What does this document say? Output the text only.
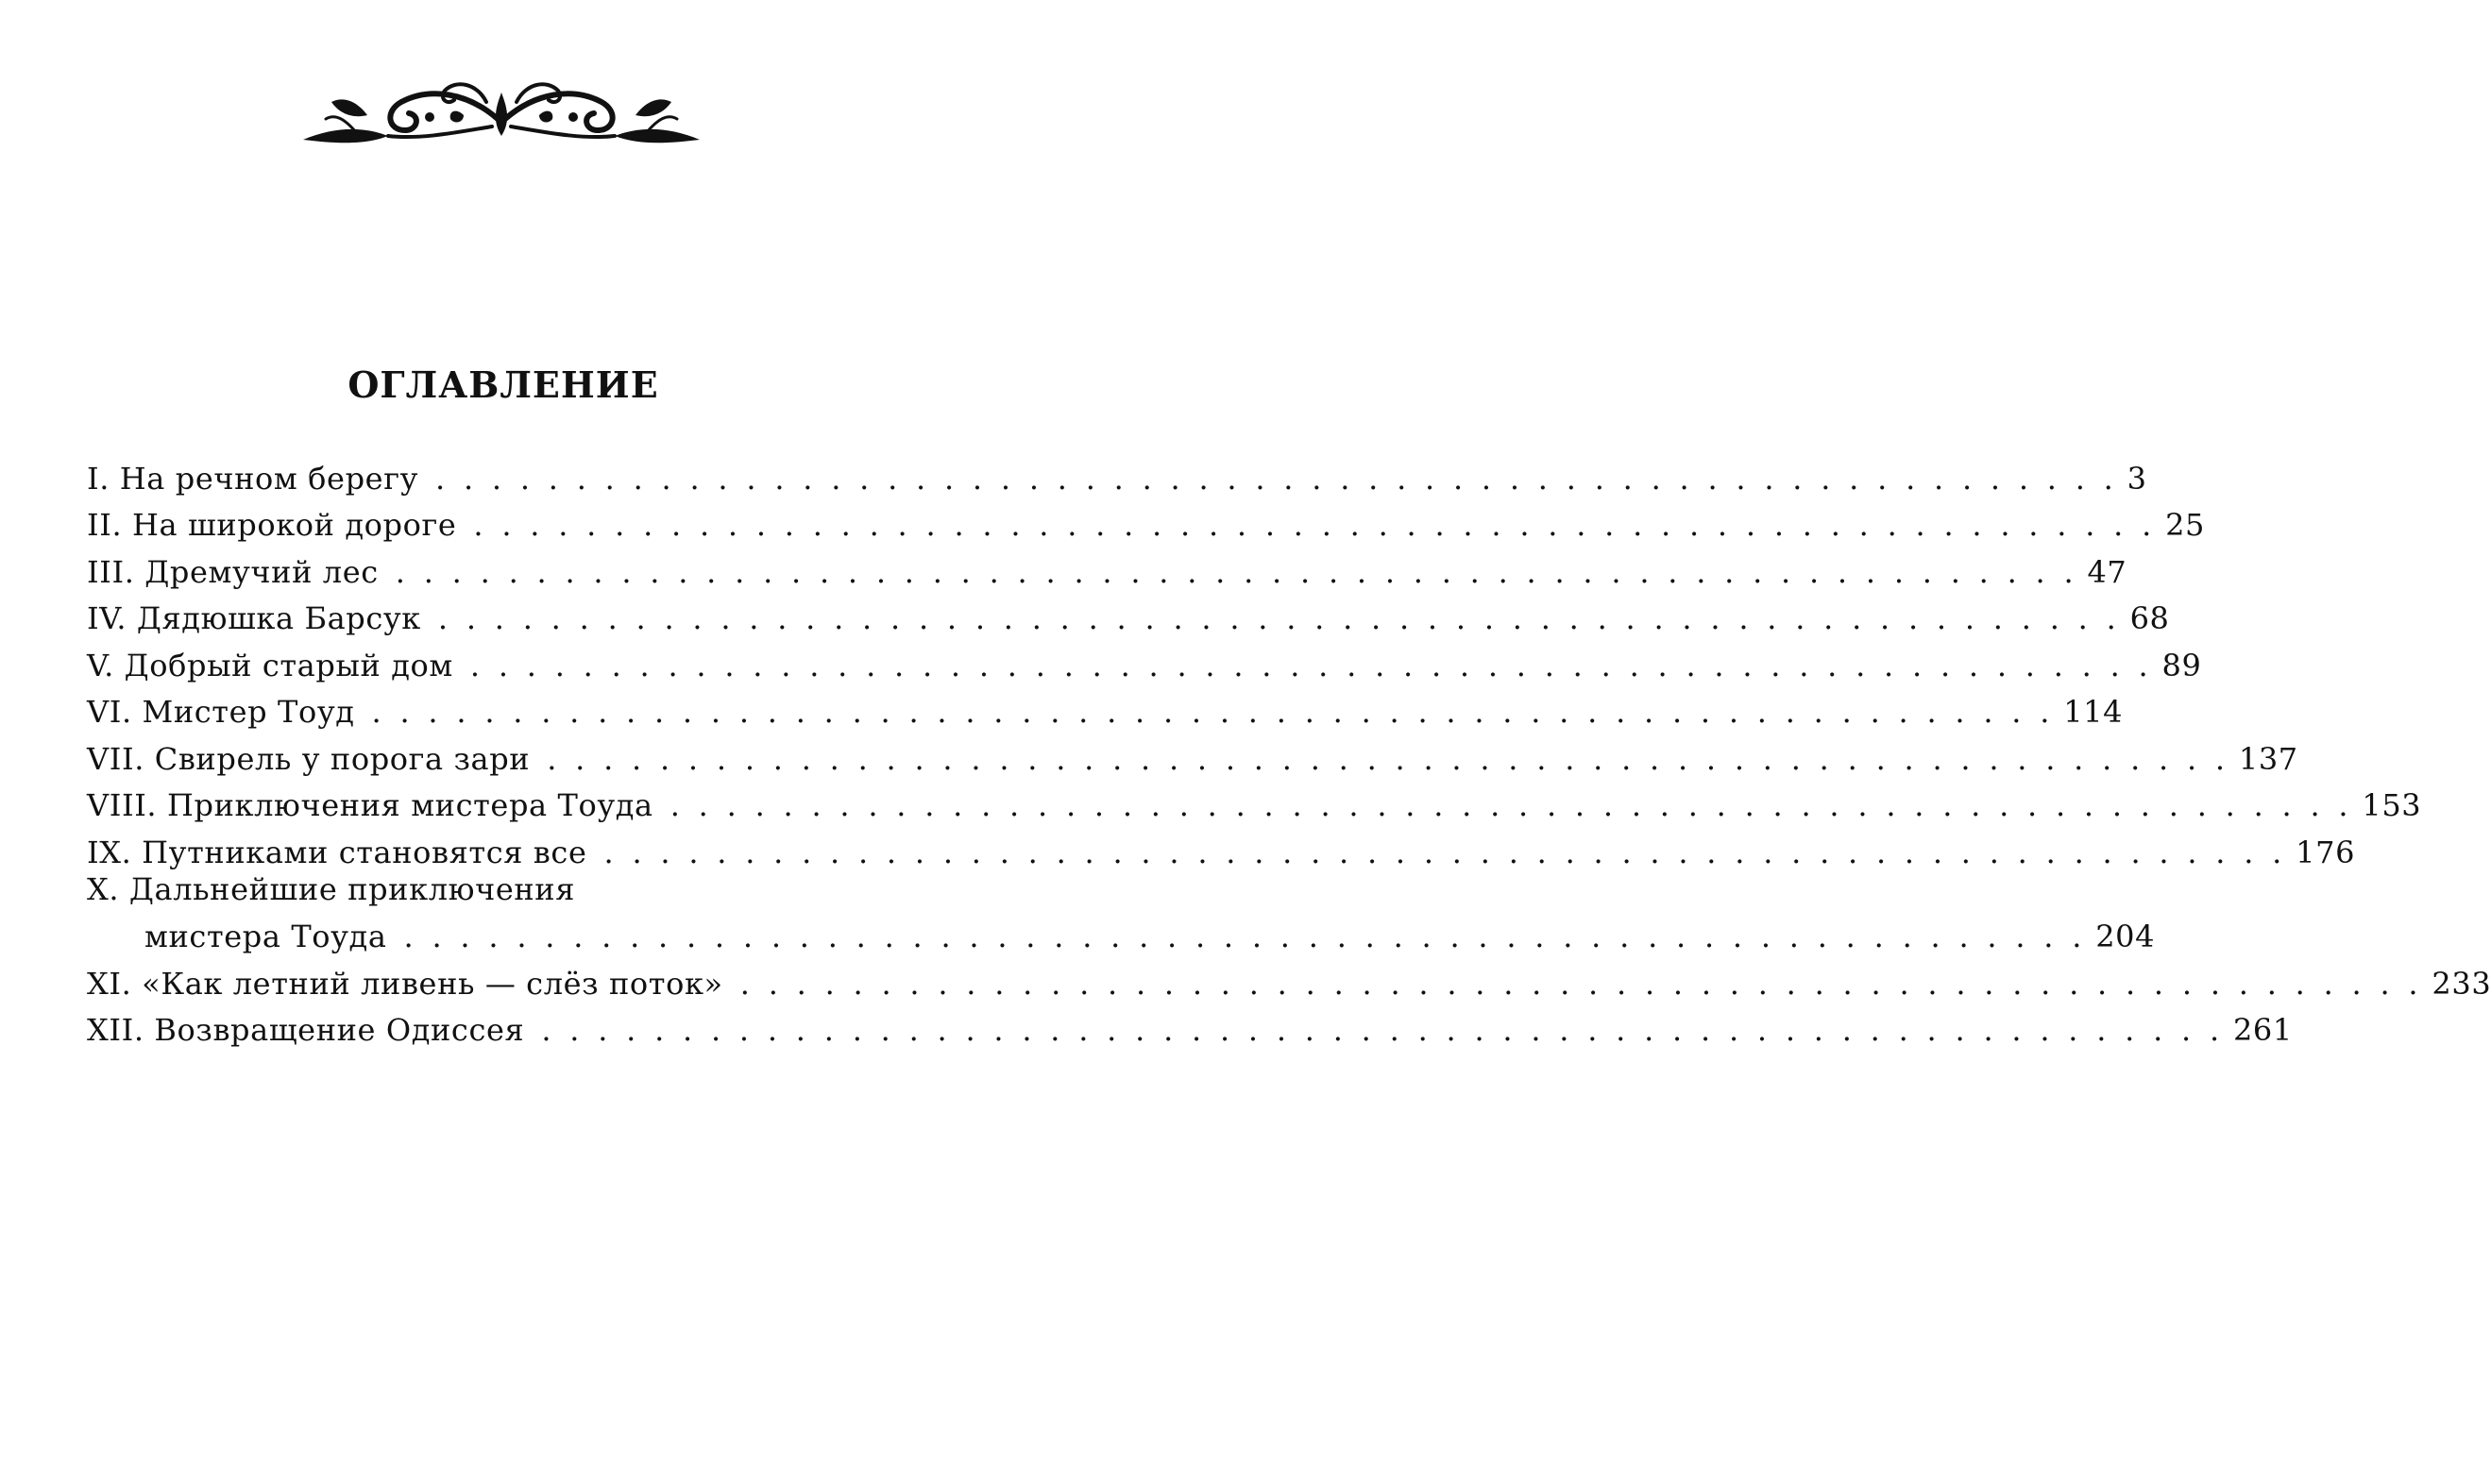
ОГЛАВЛЕНИЕ
I. На речном берегу . . . . . . . . . . . . . . . . . . . . . . . . . . . . . . . . . . . . . . . . . . . . . . . . . . . . . . . . . . . . 3
II. На широкой дороге . . . . . . . . . . . . . . . . . . . . . . . . . . . . . . . . . . . . . . . . . . . . . . . . . . . . . . . . . . . . 25
III. Дремучий лес . . . . . . . . . . . . . . . . . . . . . . . . . . . . . . . . . . . . . . . . . . . . . . . . . . . . . . . . . . . . 47
IV. Дядюшка Барсук . . . . . . . . . . . . . . . . . . . . . . . . . . . . . . . . . . . . . . . . . . . . . . . . . . . . . . . . . . . . 68
V. Добрый старый дом . . . . . . . . . . . . . . . . . . . . . . . . . . . . . . . . . . . . . . . . . . . . . . . . . . . . . . . . . . . . 89
VI. Мистер Тоуд . . . . . . . . . . . . . . . . . . . . . . . . . . . . . . . . . . . . . . . . . . . . . . . . . . . . . . . . . . . . 114
VII. Свирель у порога зари . . . . . . . . . . . . . . . . . . . . . . . . . . . . . . . . . . . . . . . . . . . . . . . . . . . . . . . . . . . . 137
VIII. Приключения мистера Тоуда . . . . . . . . . . . . . . . . . . . . . . . . . . . . . . . . . . . . . . . . . . . . . . . . . . . . . . . . . . . . 153
IX. Путниками становятся все . . . . . . . . . . . . . . . . . . . . . . . . . . . . . . . . . . . . . . . . . . . . . . . . . . . . . . . . . . . . 176
X. Дальнейшие приключения
мистера Тоуда . . . . . . . . . . . . . . . . . . . . . . . . . . . . . . . . . . . . . . . . . . . . . . . . . . . . . . . . . . . . 204
XI. «Как летний ливень — слёз поток» . . . . . . . . . . . . . . . . . . . . . . . . . . . . . . . . . . . . . . . . . . . . . . . . . . . . . . . . . . . . 233
XII. Возвращение Одиссея . . . . . . . . . . . . . . . . . . . . . . . . . . . . . . . . . . . . . . . . . . . . . . . . . . . . . . . . . . . . 261
